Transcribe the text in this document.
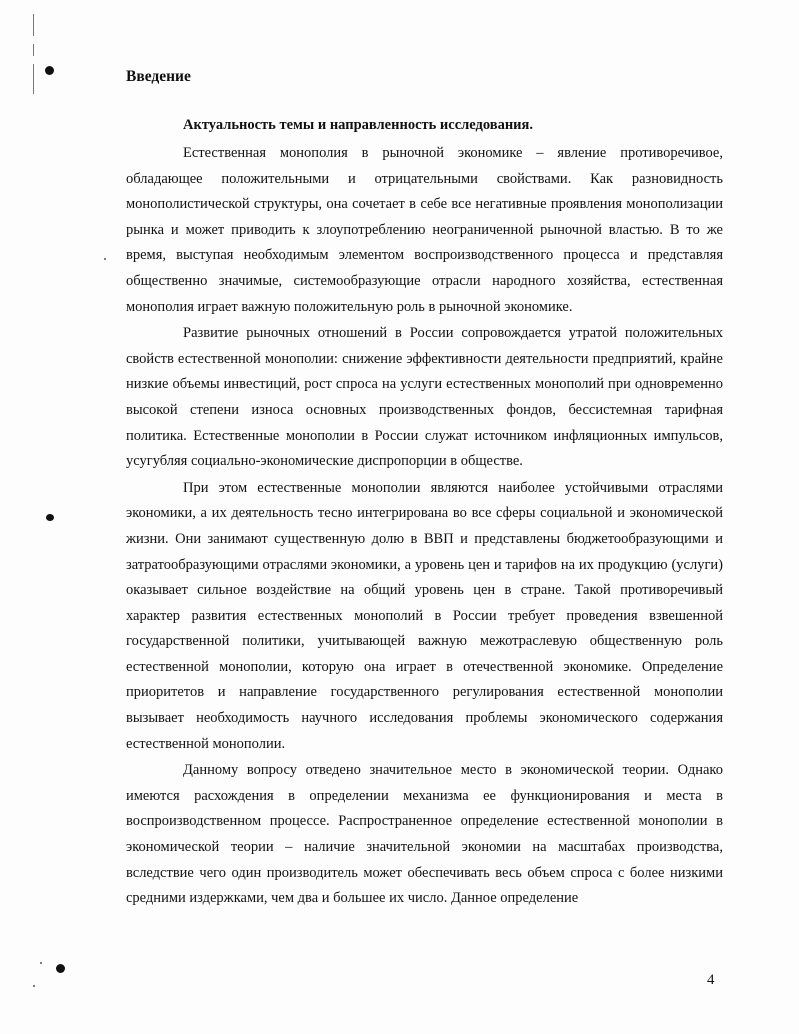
Введение
Актуальность темы и направленность исследования.

Естественная монополия в рыночной экономике – явление противоречивое, обладающее положительными и отрицательными свойствами. Как разновидность монополистической структуры, она сочетает в себе все негативные проявления монополизации рынка и может приводить к злоупотреблению неограниченной рыночной властью. В то же время, выступая необходимым элементом воспроизводственного процесса и представляя общественно значимые, системообразующие отрасли народного хозяйства, естественная монополия играет важную положительную роль в рыночной экономике.

Развитие рыночных отношений в России сопровождается утратой положительных свойств естественной монополии: снижение эффективности деятельности предприятий, крайне низкие объемы инвестиций, рост спроса на услуги естественных монополий при одновременно высокой степени износа основных производственных фондов, бессистемная тарифная политика. Естественные монополии в России служат источником инфляционных импульсов, усугубляя социально-экономические диспропорции в обществе.

При этом естественные монополии являются наиболее устойчивыми отраслями экономики, а их деятельность тесно интегрирована во все сферы социальной и экономической жизни. Они занимают существенную долю в ВВП и представлены бюджетообразующими и затратообразующими отраслями экономики, а уровень цен и тарифов на их продукцию (услуги) оказывает сильное воздействие на общий уровень цен в стране. Такой противоречивый характер развития естественных монополий в России требует проведения взвешенной государственной политики, учитывающей важную межотраслевую общественную роль естественной монополии, которую она играет в отечественной экономике. Определение приоритетов и направление государственного регулирования естественной монополии вызывает необходимость научного исследования проблемы экономического содержания естественной монополии.

Данному вопросу отведено значительное место в экономической теории. Однако имеются расхождения в определении механизма ее функционирования и места в воспроизводственном процессе. Распространенное определение естественной монополии в экономической теории – наличие значительной экономии на масштабах производства, вследствие чего один производитель может обеспечивать весь объем спроса с более низкими средними издержками, чем два и большее их число. Данное определение

4
